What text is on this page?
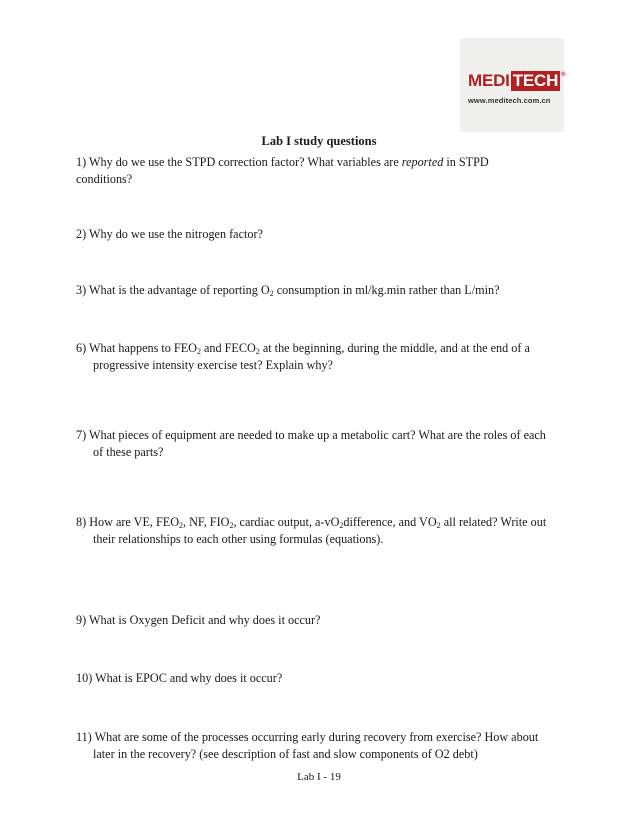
MEDI TECH ®
www.meditech.com.cn
Lab I study questions
1) Why do we use the STPD correction factor? What variables are reported in STPD
conditions?
2) Why do we use the nitrogen factor?
3) What is the advantage of reporting $O_2$ consumption in ml/kg.min rather than L/min?
6) What happens to $FEO_2$ and $FECO_2$ at the beginning, during the middle, and at the end of a progressive intensity exercise test? Explain why?
7) What pieces of equipment are needed to make up a metabolic cart? What are the roles of each of these parts?
8) How are VE, $FEO_2$, NF, $FIO_2$, cardiac output, $a-vO_2difference$, and $VO_2$ all related? Write out their relationships to each other using formulas (equations).
9) What is Oxygen Deficit and why does it occur?
10) What is EPOC and why does it occur?
11) What are some of the processes occurring early during recovery from exercise? How about later in the recovery? (see description of fast and slow components of O2 debt)
Lab I - 19
